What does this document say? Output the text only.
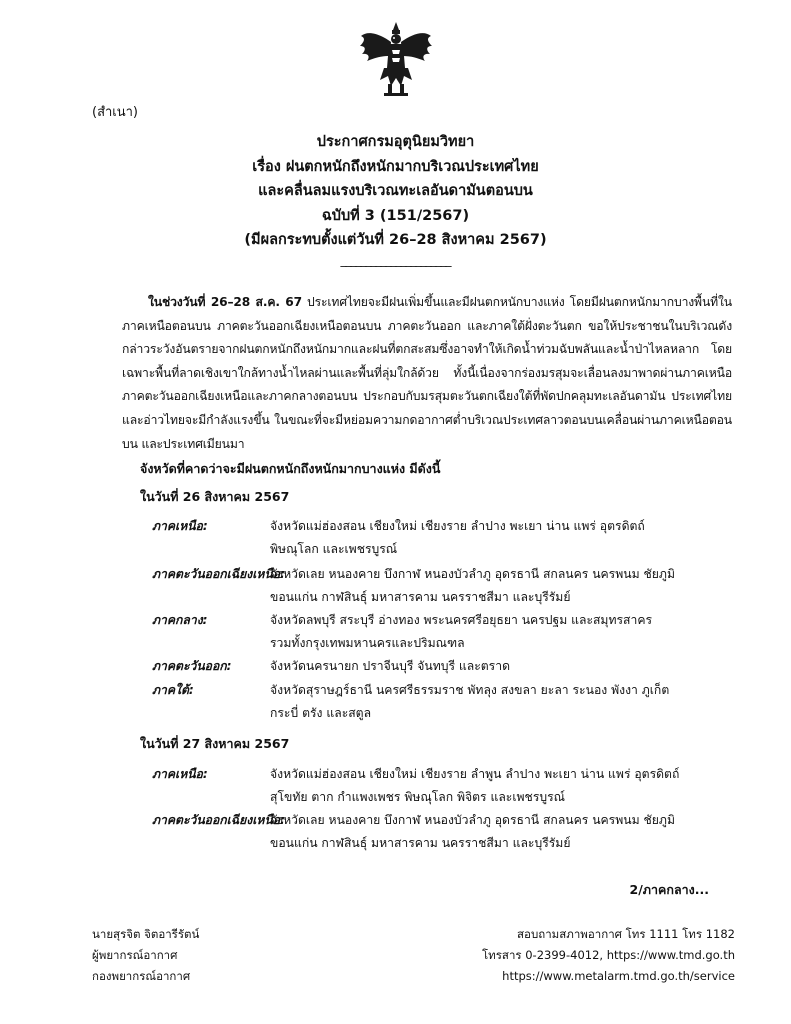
(สำเนา)
ประกาศกรมอุตุนิยมวิทยา
เรื่อง ฝนตกหนักถึงหนักมากบริเวณประเทศไทย
และคลื่นลมแรงบริเวณทะเลอันดามันตอนบน
ฉบับที่ 3 (151/2567)
(มีผลกระทบตั้งแต่วันที่ 26–28 สิงหาคม 2567)
______________________
ในช่วงวันที่ 26–28 ส.ค. 67 ประเทศไทยจะมีฝนเพิ่มขึ้นและมีฝนตกหนักบางแห่ง โดยมีฝนตกหนักมากบางพื้นที่ในภาคเหนือตอนบน ภาคตะวันออกเฉียงเหนือตอนบน ภาคตะวันออก และภาคใต้ฝั่งตะวันตก ขอให้ประชาชนในบริเวณดังกล่าวระวังอันตรายจากฝนตกหนักถึงหนักมากและฝนที่ตกสะสมซึ่งอาจทำให้เกิดน้ำท่วมฉับพลันและน้ำป่าไหลหลาก โดยเฉพาะพื้นที่ลาดเชิงเขาใกล้ทางน้ำไหลผ่านและพื้นที่ลุ่มใกล้ด้วย ทั้งนี้เนื่องจากร่องมรสุมจะเลื่อนลงมาพาดผ่านภาคเหนือ ภาคตะวันออกเฉียงเหนือและภาคกลางตอนบน ประกอบกับมรสุมตะวันตกเฉียงใต้ที่พัดปกคลุมทะเลอันดามัน ประเทศไทย และอ่าวไทยจะมีกำลังแรงขึ้น ในขณะที่จะมีหย่อมความกดอากาศต่ำบริเวณประเทศลาวตอนบนเคลื่อนผ่านภาคเหนือตอนบน และประเทศเมียนมา
จังหวัดที่คาดว่าจะมีฝนตกหนักถึงหนักมากบางแห่ง มีดังนี้
ในวันที่ 26 สิงหาคม 2567
ภาคเหนือ:	จังหวัดแม่ฮ่องสอน เชียงใหม่ เชียงราย ลำปาง พะเยา น่าน แพร่ อุตรดิตถ์
พิษณุโลก และเพชรบูรณ์
ภาคตะวันออกเฉียงเหนือ:
จังหวัดเลย หนองคาย บึงกาฬ หนองบัวลำภู อุดรธานี สกลนคร นครพนม ชัยภูมิ
ขอนแก่น กาฬสินธุ์ มหาสารคาม นครราชสีมา และบุรีรัมย์
ภาคกลาง:	จังหวัดลพบุรี สระบุรี อ่างทอง พระนครศรีอยุธยา นครปฐม และสมุทรสาคร
รวมทั้งกรุงเทพมหานครและปริมณฑล
ภาคตะวันออก:	จังหวัดนครนายก ปราจีนบุรี จันทบุรี และตราด
ภาคใต้:	จังหวัดสุราษฎร์ธานี นครศรีธรรมราช พัทลุง สงขลา ยะลา ระนอง พังงา ภูเก็ต
กระบี่ ตรัง และสตูล
ในวันที่ 27 สิงหาคม 2567
ภาคเหนือ:	จังหวัดแม่ฮ่องสอน เชียงใหม่ เชียงราย ลำพูน ลำปาง พะเยา น่าน แพร่ อุตรดิตถ์
สุโขทัย ตาก กำแพงเพชร พิษณุโลก พิจิตร และเพชรบูรณ์
ภาคตะวันออกเฉียงเหนือ:
จังหวัดเลย หนองคาย บึงกาฬ หนองบัวลำภู อุดรธานี สกลนคร นครพนม ชัยภูมิ
ขอนแก่น กาฬสินธุ์ มหาสารคาม นครราชสีมา และบุรีรัมย์
2/ภาคกลาง...
นายสุรจิต จิตอารีรัตน์
ผู้พยากรณ์อากาศ
กองพยากรณ์อากาศ
สอบถามสภาพอากาศ โทร 1111 โทร 1182
โทรสาร 0-2399-4012, https://www.tmd.go.th
https://www.metalarm.tmd.go.th/service
